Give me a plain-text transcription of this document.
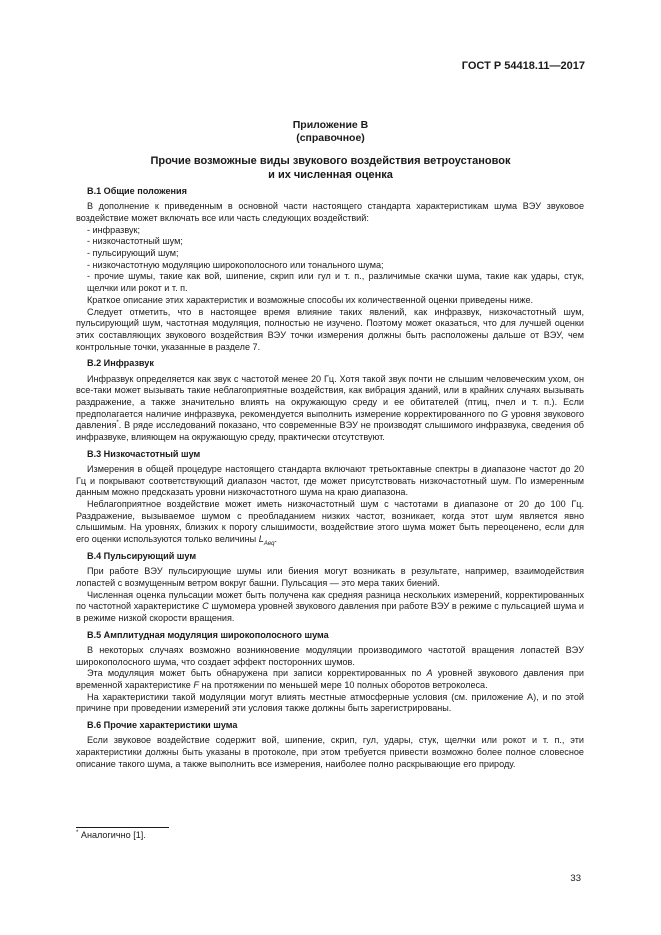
ГОСТ Р 54418.11—2017
Приложение В
(справочное)
Прочие возможные виды звукового воздействия ветроустановок
и их численная оценка
В.1 Общие положения

В дополнение к приведенным в основной части настоящего стандарта характеристикам шума ВЭУ звуковое воздействие может включать все или часть следующих воздействий:

- инфразвук;
- низкочастотный шум;
- пульсирующий шум;
- низкочастотную модуляцию широкополосного или тонального шума;
- прочие шумы, такие как вой, шипение, скрип или гул и т. п., различимые скачки шума, такие как удары, стук, щелчки или рокот и т. п.

Краткое описание этих характеристик и возможные способы их количественной оценки приведены ниже.

Следует отметить, что в настоящее время влияние таких явлений, как инфразвук, низкочастотный шум, пульсирующий шум, частотная модуляция, полностью не изучено. Поэтому может оказаться, что для лучшей оценки этих составляющих звукового воздействия ВЭУ точки измерения должны быть расположены дальше от ВЭУ, чем контрольные точки, указанные в разделе 7.

В.2 Инфразвук

Инфразвук определяется как звук с частотой менее 20 Гц. Хотя такой звук почти не слышим человеческим ухом, он все-таки может вызывать такие неблагоприятные воздействия, как вибрация зданий, или в крайних случаях вызывать раздражение, а также значительно влиять на окружающую среду и ее обитателей (птиц, пчел и т. п.). Если предполагается наличие инфразвука, рекомендуется выполнить измерение корректированного по G уровня звукового давления*. В ряде исследований показано, что современные ВЭУ не производят слышимого инфразвука, сведения об инфразвуке, влияющем на окружающую среду, практически отсутствуют.

В.3 Низкочастотный шум

Измерения в общей процедуре настоящего стандарта включают третьоктавные спектры в диапазоне частот до 20 Гц и покрывают соответствующий диапазон частот, где может присутствовать низкочастотный шум. По измеренным данным можно предсказать уровни низкочастотного шума на краю диапазона.

Неблагоприятное воздействие может иметь низкочастотный шум с частотами в диапазоне от 20 до 100 Гц. Раздражение, вызываемое шумом с преобладанием низких частот, возникает, когда этот шум является явно слышимым. На уровнях, близких к порогу слышимости, воздействие этого шума может быть переоценено, если для его оценки используются только величины $L_{Aeq}$.

В.4 Пульсирующий шум

При работе ВЭУ пульсирующие шумы или биения могут возникать в результате, например, взаимодействия лопастей с возмущенным ветром вокруг башни. Пульсация — это мера таких биений.

Численная оценка пульсации может быть получена как средняя разница нескольких измерений, корректированных по частотной характеристике C шумомера уровней звукового давления при работе ВЭУ в режиме с пульсацией шума и в режиме низкой скорости вращения.

В.5 Амплитудная модуляция широкополосного шума

В некоторых случаях возможно возникновение модуляции производимого частотой вращения лопастей ВЭУ широкополосного шума, что создает эффект посторонних шумов.

Эта модуляция может быть обнаружена при записи корректированных по A уровней звукового давления при временной характеристике F на протяжении по меньшей мере 10 полных оборотов ветроколеса.

На характеристики такой модуляции могут влиять местные атмосферные условия (см. приложение А), и по этой причине при проведении измерений эти условия также должны быть зарегистрированы.

В.6 Прочие характеристики шума

Если звуковое воздействие содержит вой, шипение, скрип, гул, удары, стук, щелчки или рокот и т. п., эти характеристики должны быть указаны в протоколе, при этом требуется привести возможно более полное словесное описание такого шума, а также выполнить все измерения, наиболее полно раскрывающие его природу.

* Аналогично [1].
33
